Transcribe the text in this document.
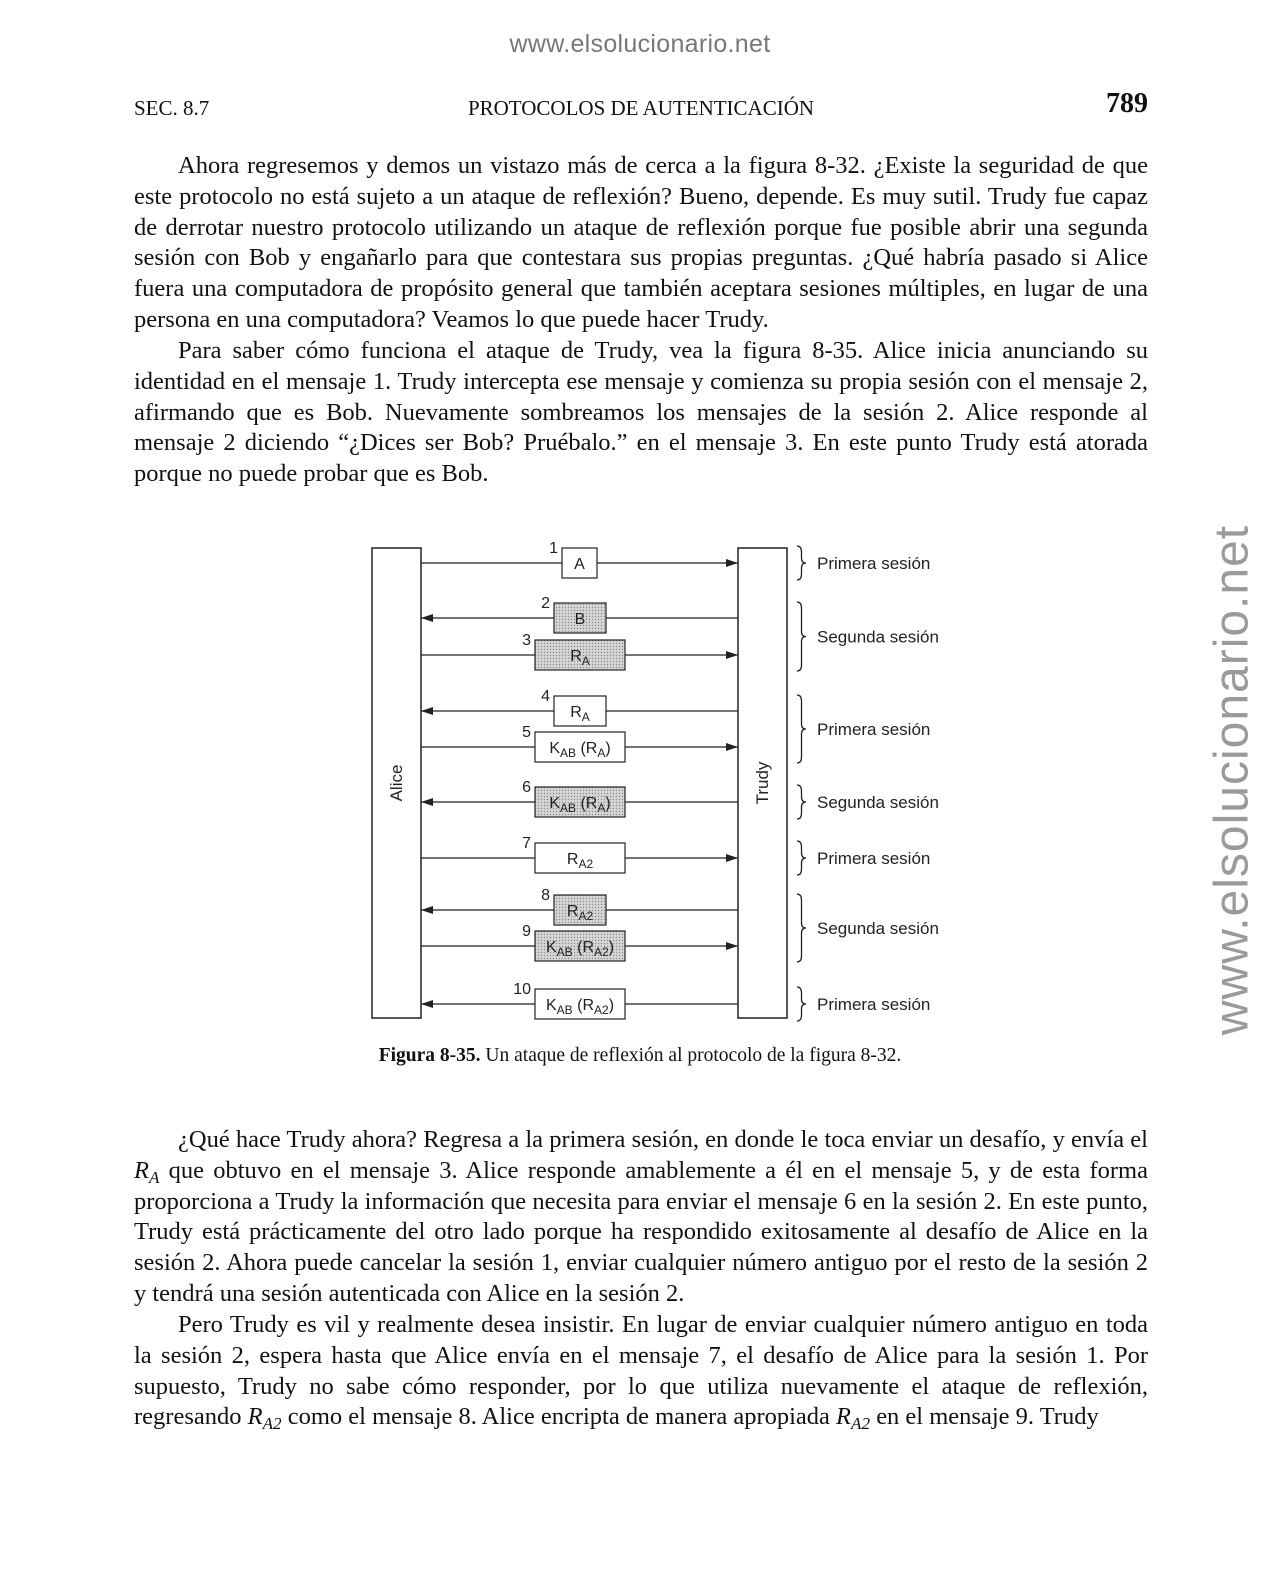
www.elsolucionario.net
www.elsolucionario.net
SEC. 8.7	PROTOCOLOS DE AUTENTICACIÓN	789

Ahora regresemos y demos un vistazo más de cerca a la figura 8-32. ¿Existe la seguridad de que este protocolo no está sujeto a un ataque de reflexión? Bueno, depende. Es muy sutil. Trudy fue capaz de derrotar nuestro protocolo utilizando un ataque de reflexión porque fue posible abrir una segunda sesión con Bob y engañarlo para que contestara sus propias preguntas. ¿Qué habría pasado si Alice fuera una computadora de propósito general que también aceptara sesiones múltiples, en lugar de una persona en una computadora? Veamos lo que puede hacer Trudy.

Para saber cómo funciona el ataque de Trudy, vea la figura 8-35. Alice inicia anunciando su identidad en el mensaje 1. Trudy intercepta ese mensaje y comienza su propia sesión con el mensaje 2, afirmando que es Bob. Nuevamente sombreamos los mensajes de la sesión 2. Alice responde al mensaje 2 diciendo “¿Dices ser Bob? Pruébalo.” en el mensaje 3. En este punto Trudy está atorada porque no puede probar que es Bob.

Alice	Trudy
1
A
2
B
3
$R_A$
4
$R_A$
5
$K_{AB}$ $(R_A)$
6
$K_{AB}$ $(R_A)$
7
$R_{A2}$
8
$R_{A2}$
9
$K_{AB}$ $(R_{A2})$
10
$K_{AB}$ $(R_{A2})$
Primera sesión
Segunda sesión
Primera sesión
Segunda sesión
Primera sesión
Segunda sesión
Primera sesión
Figura 8-35. Un ataque de reflexión al protocolo de la figura 8-32.

¿Qué hace Trudy ahora? Regresa a la primera sesión, en donde le toca enviar un desafío, y envía el $R_A$ que obtuvo en el mensaje 3. Alice responde amablemente a él en el mensaje 5, y de esta forma proporciona a Trudy la información que necesita para enviar el mensaje 6 en la sesión 2. En este punto, Trudy está prácticamente del otro lado porque ha respondido exitosamente al desafío de Alice en la sesión 2. Ahora puede cancelar la sesión 1, enviar cualquier número antiguo por el resto de la sesión 2 y tendrá una sesión autenticada con Alice en la sesión 2.

Pero Trudy es vil y realmente desea insistir. En lugar de enviar cualquier número antiguo en toda la sesión 2, espera hasta que Alice envía en el mensaje 7, el desafío de Alice para la sesión 1. Por supuesto, Trudy no sabe cómo responder, por lo que utiliza nuevamente el ataque de reflexión, regresando $R_{A2}$ como el mensaje 8. Alice encripta de manera apropiada $R_{A2}$ en el mensaje 9. Trudy
